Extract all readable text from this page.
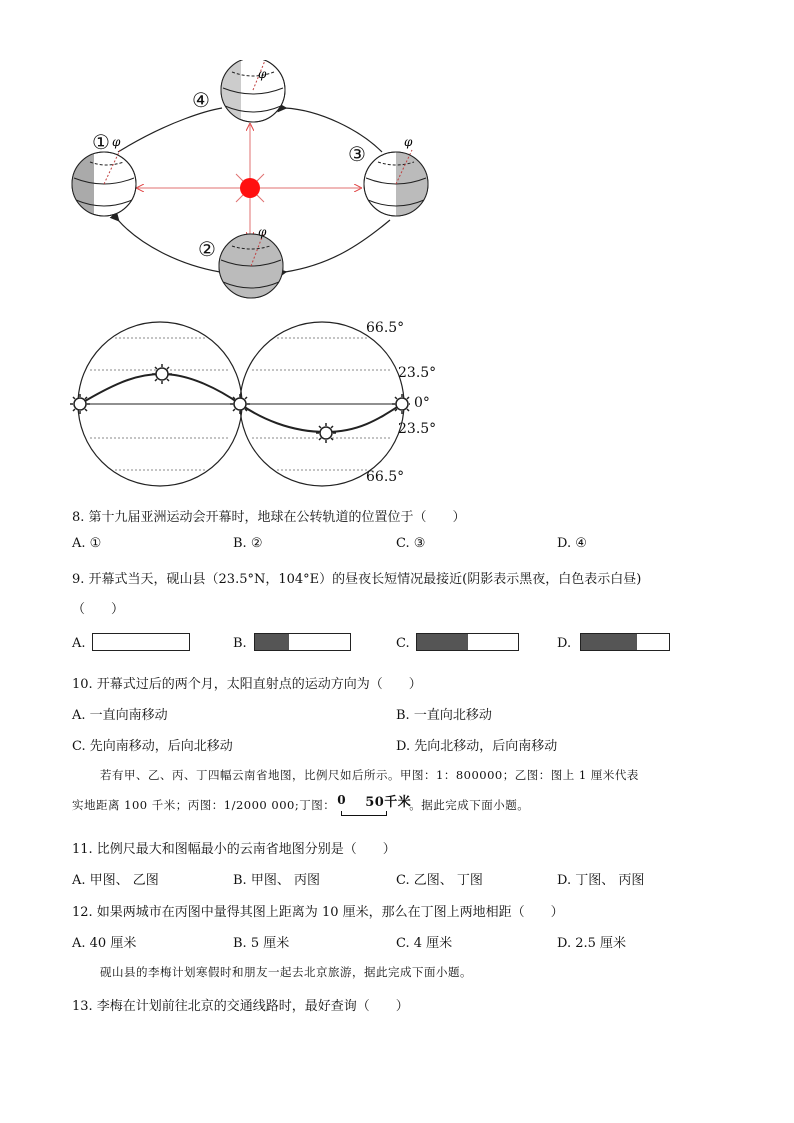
φ
φ	φ
φ
④
①	③
②
66.5°
23.5°
0°
23.5°
66.5°
8. 第十九届亚洲运动会开幕时，地球在公转轨道的位置位于（　　）
A. ①	B. ②	C. ③	D. ④
9. 开幕式当天，砚山县（23.5°N，104°E）的昼夜长短情况最接近(阴影表示黑夜，白色表示白昼)
（　　）
A.	B.	C.	D.
10. 开幕式过后的两个月，太阳直射点的运动方向为（　　）
A. 一直向南移动	B. 一直向北移动
C. 先向南移动，后向北移动	D. 先向北移动，后向南移动
若有甲、乙、丙、丁四幅云南省地图，比例尺如后所示。甲图：1：800000；乙图：图上 1 厘米代表
实地距离 100 千米；丙图：1/2000 000;丁图： 0 50千米
。据此完成下面小题。
11. 比例尺最大和图幅最小的云南省地图分别是（　　）
A. 甲图、 乙图	B. 甲图、 丙图	C. 乙图、 丁图	D. 丁图、 丙图
12. 如果两城市在丙图中量得其图上距离为 10 厘米，那么在丁图上两地相距（　　）
A. 40 厘米	B. 5 厘米	C. 4 厘米	D. 2.5 厘米
砚山县的李梅计划寒假时和朋友一起去北京旅游，据此完成下面小题。
13. 李梅在计划前往北京的交通线路时，最好查询（　　）
